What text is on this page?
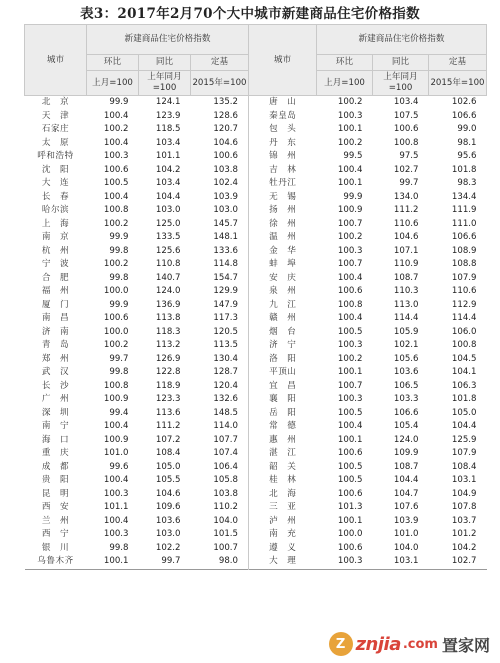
表3：2017年2月70个大中城市新建商品住宅价格指数
城市	新建商品住宅价格指数			城市	新建商品住宅价格指数		
	环比	同比	定基		环比	同比	定基
	上月=100	上年同月=100	2015年=100		上月=100	上年同月=100	2015年=100
北　京	99.9	124.1	135.2	唐　山	100.2	103.4	102.6
天　津	100.4	123.9	128.6	秦皇岛	100.3	107.5	106.6
石家庄	100.2	118.5	120.7	包　头	100.1	100.6	99.0
太　原	100.4	103.4	104.6	丹　东	100.2	100.8	98.1
呼和浩特	100.3	101.1	100.6	锦　州	99.5	97.5	95.6
沈　阳	100.6	104.2	103.8	吉　林	100.4	102.7	101.8
大　连	100.5	103.4	102.4	牡丹江	100.1	99.7	98.3
长　春	100.4	104.4	103.9	无　锡	99.9	134.0	134.4
哈尔滨	100.8	103.0	103.0	扬　州	100.9	111.2	111.9
上　海	100.2	125.0	145.7	徐　州	100.7	110.6	111.0
南　京	99.9	133.5	148.1	温　州	100.2	104.6	106.6
杭　州	99.8	125.6	133.6	金　华	100.3	107.1	108.9
宁　波	100.2	110.8	114.8	蚌　埠	100.7	110.9	108.8
合　肥	99.8	140.7	154.7	安　庆	100.4	108.7	107.9
福　州	100.0	124.0	129.9	泉　州	100.6	110.3	110.6
厦　门	99.9	136.9	147.9	九　江	100.8	113.0	112.9
南　昌	100.6	113.8	117.3	赣　州	100.4	114.4	114.4
济　南	100.0	118.3	120.5	烟　台	100.5	105.9	106.0
青　岛	100.2	113.2	113.5	济　宁	100.3	102.1	100.8
郑　州	99.7	126.9	130.4	洛　阳	100.2	105.6	104.5
武　汉	99.8	122.8	128.7	平顶山	100.1	103.6	104.1
长　沙	100.8	118.9	120.4	宜　昌	100.7	106.5	106.3
广　州	100.9	123.3	132.6	襄　阳	100.3	103.3	101.8
深　圳	99.4	113.6	148.5	岳　阳	100.5	106.6	105.0
南　宁	100.4	111.2	114.0	常　德	100.4	105.4	104.4
海　口	100.9	107.2	107.7	惠　州	100.1	124.0	125.9
重　庆	101.0	108.4	107.4	湛　江	100.6	109.9	107.9
成　都	99.6	105.0	106.4	韶　关	100.5	108.7	108.4
贵　阳	100.4	105.5	105.8	桂　林	100.5	104.4	103.1
昆　明	100.3	104.6	103.8	北　海	100.6	104.7	104.9
西　安	101.1	109.6	110.2	三　亚	101.3	107.6	107.8
兰　州	100.4	103.6	104.0	泸　州	100.1	103.9	103.7
西　宁	100.3	103.0	101.5	南　充	100.0	101.0	101.2
银　川	99.8	102.2	100.7	遵　义	100.6	104.0	104.2
乌鲁木齐	100.1	99.7	98.0	大　理	100.3	103.1	102.7
Z znjia .com 置家网
